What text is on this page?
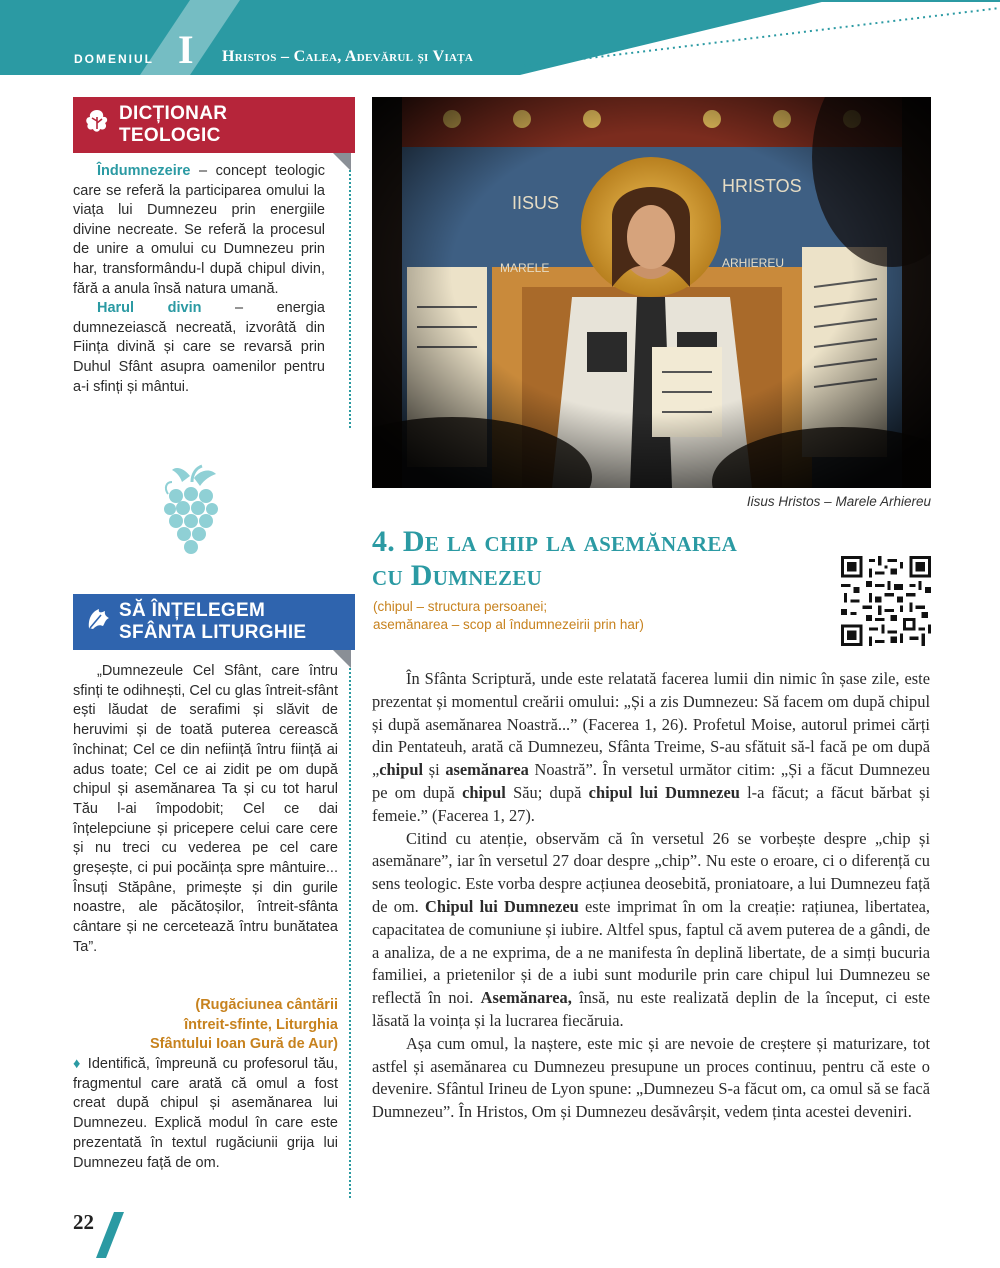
DOMENIUL I Hristos – Calea, Adevărul și Viața
DICȚIONAR
TEOLOGIC

Îndumnezeire – concept teologic care se referă la participarea omului la viața lui Dumnezeu prin energiile divine necreate. Se referă la procesul de unire a omului cu Dumnezeu prin har, transformându-l după chipul divin, fără a anula însă natura umană.

Harul divin – energia dumnezeiască necreată, izvorâtă din Ființa divină și care se revarsă prin Duhul Sfânt asupra oamenilor pentru a-i sfinți și mântui.

SĂ ÎNȚELEGEM
SFÂNTA LITURGHIE

„Dumnezeule Cel Sfânt, care întru sfinți te odihnești, Cel cu glas întreit-sfânt ești lăudat de serafimi și slăvit de heruvimi și de toată puterea cerească închinat; Cel ce din neființă întru ființă ai adus toate; Cel ce ai zidit pe om după chipul și asemănarea Ta și cu tot harul Tău l-ai împodobit; Cel ce dai înțelepciune și pricepere celui care cere și nu treci cu vederea pe cel care greșește, ci pui pocăința spre mântuire... Însuți Stăpâne, primește și din gurile noastre, ale păcătoșilor, întreit-sfânta cântare și ne cercetează întru bunătatea Ta”.

(Rugăciunea cântării
întreit-sfinte, Liturghia
Sfântului Ioan Gură de Aur)
♦ Identifică, împreună cu profesorul tău, fragmentul care arată că omul a fost creat după chipul și asemănarea lui Dumnezeu. Explică modul în care este prezentată în textul rugăciunii grija lui Dumnezeu față de om.
22
Iisus Hristos – Marele Arhiereu
4. De la chip la asemănarea
cu Dumnezeu
(chipul – structura persoanei;
asemănarea – scop al îndumnezeirii prin har)

În Sfânta Scriptură, unde este relatată facerea lumii din nimic în șase zile, este prezentat și momentul creării omului: „Și a zis Dumnezeu: Să facem om după chipul și după asemănarea Noastră...” (Facerea 1, 26). Profetul Moise, autorul primei cărți din Pentateuh, arată că Dumnezeu, Sfânta Treime, S-au sfătuit să-l facă pe om după „chipul și asemănarea Noastră”. În versetul următor citim: „Și a făcut Dumnezeu pe om după chipul Său; după chipul lui Dumnezeu l-a făcut; a făcut bărbat și femeie.” (Facerea 1, 27).

Citind cu atenție, observăm că în versetul 26 se vorbește despre „chip și asemănare”, iar în versetul 27 doar despre „chip”. Nu este o eroare, ci o diferență cu sens teologic. Este vorba despre acțiunea deosebită, proniatoare, a lui Dumnezeu față de om. Chipul lui Dumnezeu este imprimat în om la creație: rațiunea, libertatea, capacitatea de comuniune și iubire. Altfel spus, faptul că avem puterea de a gândi, de a analiza, de a ne exprima, de a ne manifesta în deplină libertate, de a simți bucuria familiei, a prietenilor și de a iubi sunt modurile prin care chipul lui Dumnezeu se reflectă în noi. Asemănarea, însă, nu este realizată deplin de la început, ci este lăsată la voința și la lucrarea fiecăruia.

Așa cum omul, la naștere, este mic și are nevoie de creștere și maturizare, tot astfel și asemănarea cu Dumnezeu presupune un proces continuu, pentru că este o devenire. Sfântul Irineu de Lyon spune: „Dumnezeu S-a făcut om, ca omul să se facă Dumnezeu”. În Hristos, Om și Dumnezeu desăvârșit, vedem ținta acestei deveniri.
